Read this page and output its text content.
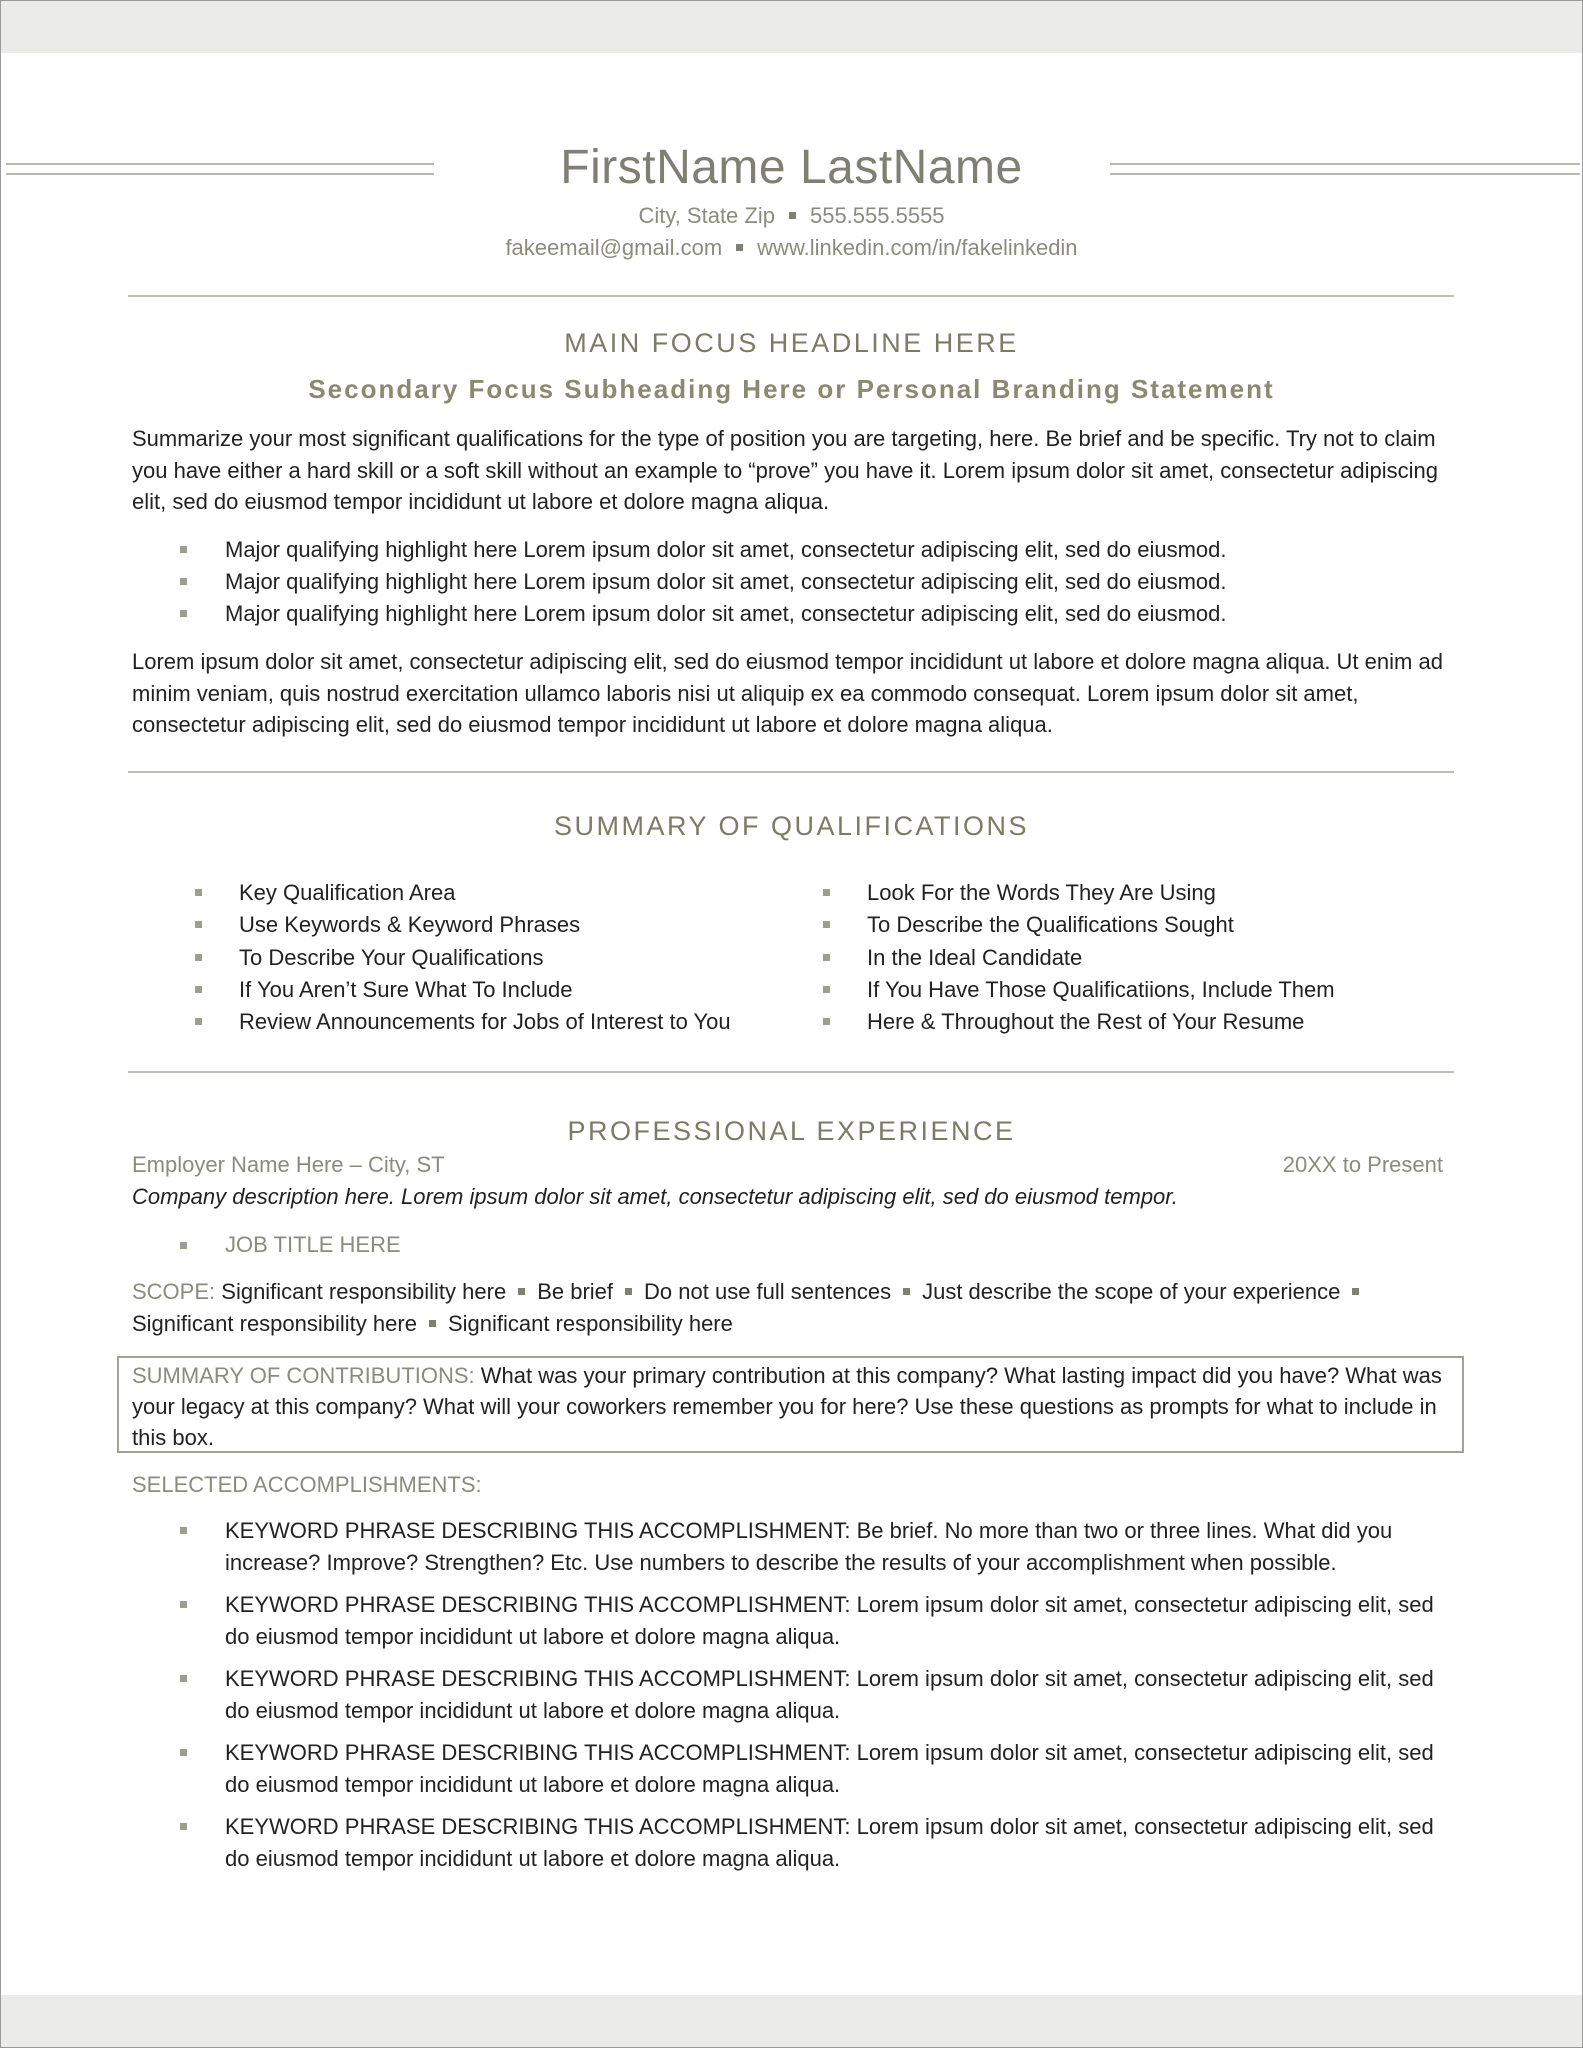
FirstName LastName
City, State Zip 555.555.5555
fakeemail@gmail.com www.linkedin.com/in/fakelinkedin
MAIN FOCUS HEADLINE HERE
Secondary Focus Subheading Here or Personal Branding Statement
Summarize your most significant qualifications for the type of position you are targeting, here. Be brief and be specific. Try not to claim you have either a hard skill or a soft skill without an example to “prove” you have it. Lorem ipsum dolor sit amet, consectetur adipiscing elit, sed do eiusmod tempor incididunt ut labore et dolore magna aliqua.
Major qualifying highlight here Lorem ipsum dolor sit amet, consectetur adipiscing elit, sed do eiusmod.
Major qualifying highlight here Lorem ipsum dolor sit amet, consectetur adipiscing elit, sed do eiusmod.
Major qualifying highlight here Lorem ipsum dolor sit amet, consectetur adipiscing elit, sed do eiusmod.
Lorem ipsum dolor sit amet, consectetur adipiscing elit, sed do eiusmod tempor incididunt ut labore et dolore magna aliqua. Ut enim ad minim veniam, quis nostrud exercitation ullamco laboris nisi ut aliquip ex ea commodo consequat. Lorem ipsum dolor sit amet, consectetur adipiscing elit, sed do eiusmod tempor incididunt ut labore et dolore magna aliqua.
SUMMARY OF QUALIFICATIONS
Key Qualification Area
Use Keywords & Keyword Phrases
To Describe Your Qualifications
If You Aren’t Sure What To Include
Review Announcements for Jobs of Interest to You
Look For the Words They Are Using
To Describe the Qualifications Sought
In the Ideal Candidate
If You Have Those Qualificatiions, Include Them
Here & Throughout the Rest of Your Resume
PROFESSIONAL EXPERIENCE
Employer Name Here – City, ST	20XX to Present
Company description here. Lorem ipsum dolor sit amet, consectetur adipiscing elit, sed do eiusmod tempor.
JOB TITLE HERE
SCOPE: Significant responsibility here Be brief Do not use full sentences Just describe the scope of your experienceSignificant responsibility here Significant responsibility here
SUMMARY OF CONTRIBUTIONS: What was your primary contribution at this company? What lasting impact did you have? What was your legacy at this company? What will your coworkers remember you for here? Use these questions as prompts for what to include in this box.
SELECTED ACCOMPLISHMENTS:
KEYWORD PHRASE DESCRIBING THIS ACCOMPLISHMENT: Be brief. No more than two or three lines. What did you increase? Improve? Strengthen? Etc. Use numbers to describe the results of your accomplishment when possible.
KEYWORD PHRASE DESCRIBING THIS ACCOMPLISHMENT: Lorem ipsum dolor sit amet, consectetur adipiscing elit, sed do eiusmod tempor incididunt ut labore et dolore magna aliqua.
KEYWORD PHRASE DESCRIBING THIS ACCOMPLISHMENT: Lorem ipsum dolor sit amet, consectetur adipiscing elit, sed do eiusmod tempor incididunt ut labore et dolore magna aliqua.
KEYWORD PHRASE DESCRIBING THIS ACCOMPLISHMENT: Lorem ipsum dolor sit amet, consectetur adipiscing elit, sed do eiusmod tempor incididunt ut labore et dolore magna aliqua.
KEYWORD PHRASE DESCRIBING THIS ACCOMPLISHMENT: Lorem ipsum dolor sit amet, consectetur adipiscing elit, sed do eiusmod tempor incididunt ut labore et dolore magna aliqua.
